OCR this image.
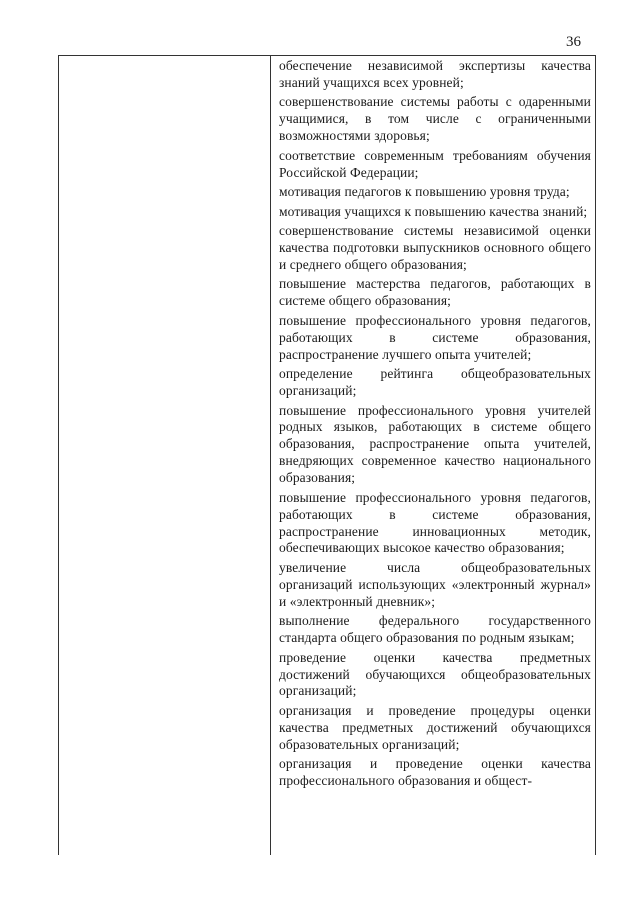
36

обеспечение независимой экспертизы качества знаний учащихся всех уровней;

совершенствование системы работы с одаренными учащимися, в том числе с ограниченными возможностями здоровья;

соответствие современным требованиям обучения Российской Федерации;

мотивация педагогов к повышению уровня труда;

мотивация учащихся к повышению качества знаний;

совершенствование системы независимой оценки качества подготовки выпускников основного общего и среднего общего образования;

повышение мастерства педагогов, работающих в системе общего образования;

повышение профессионального уровня педагогов, работающих в системе образования, распространение лучшего опыта учителей;

определение рейтинга общеобразовательных организаций;

повышение профессионального уровня учителей родных языков, работающих в системе общего образования, распространение опыта учителей, внедряющих современное качество национального образования;

повышение профессионального уровня педагогов, работающих в системе образования, распространение инновационных методик, обеспечивающих высокое качество образования;

увеличение числа общеобразовательных организаций использующих «электронный журнал» и «электронный дневник»;

выполнение федерального государственного стандарта общего образования по родным языкам;

проведение оценки качества предметных достижений обучающихся общеобразовательных организаций;

организация и проведение процедуры оценки качества предметных достижений обучающихся образовательных организаций;

организация и проведение оценки качества профессионального образования и общест-
